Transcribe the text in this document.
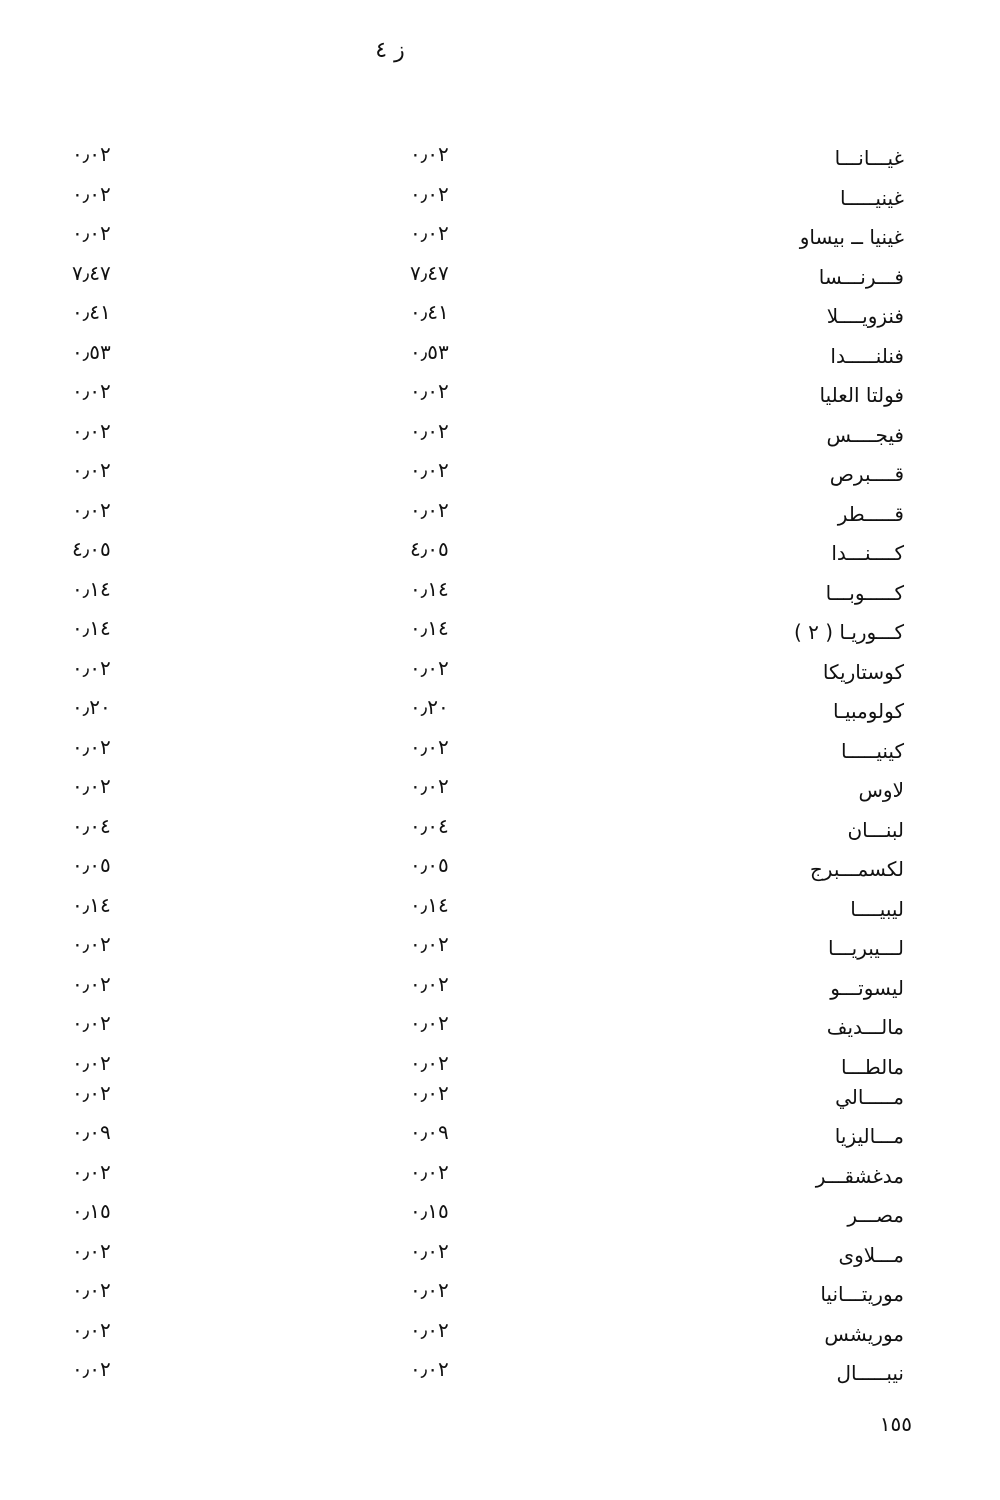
ز ٤
غيـــانـــا
٠٫٠٢
٠٫٠٢
غينيـــــا
٠٫٠٢
٠٫٠٢
غينيا ــ بيساو
٠٫٠٢
٠٫٠٢
فـــرنـــسا
٧٫٤٧
٧٫٤٧
فنزويــــلا
٠٫٤١
٠٫٤١
فنلنـــــدا
٠٫٥٣
٠٫٥٣
فولتا العليا
٠٫٠٢
٠٫٠٢
فيجــــس
٠٫٠٢
٠٫٠٢
قــــبرص
٠٫٠٢
٠٫٠٢
قـــــطر
٠٫٠٢
٠٫٠٢
كــــنـــدا
٤٫٠٥
٤٫٠٥
كـــــوبـــا
٠٫١٤
٠٫١٤
كـــوريـا ( ٢ )
٠٫١٤
٠٫١٤
كوستاريكا
٠٫٠٢
٠٫٠٢
كولومبيـا
٠٫٢٠
٠٫٢٠
كينيـــــا
٠٫٠٢
٠٫٠٢
لاوس
٠٫٠٢
٠٫٠٢
لبنـــان
٠٫٠٤
٠٫٠٤
لكسمـــبرج
٠٫٠٥
٠٫٠٥
ليبيــــا
٠٫١٤
٠٫١٤
لـــيبريـــا
٠٫٠٢
٠٫٠٢
ليسوتـــو
٠٫٠٢
٠٫٠٢
مالـــديف
٠٫٠٢
٠٫٠٢
مالطـــا
٠٫٠٢
٠٫٠٢
مـــــالي
٠٫٠٢
٠٫٠٢
مـــاليزيا
٠٫٠٩
٠٫٠٩
مدغشقـــر
٠٫٠٢
٠٫٠٢
مصـــر
٠٫١٥
٠٫١٥
مـــلاوى
٠٫٠٢
٠٫٠٢
موريتـــانيا
٠٫٠٢
٠٫٠٢
موريشس
٠٫٠٢
٠٫٠٢
نيبـــــال
٠٫٠٢
٠٫٠٢
١٥٥
